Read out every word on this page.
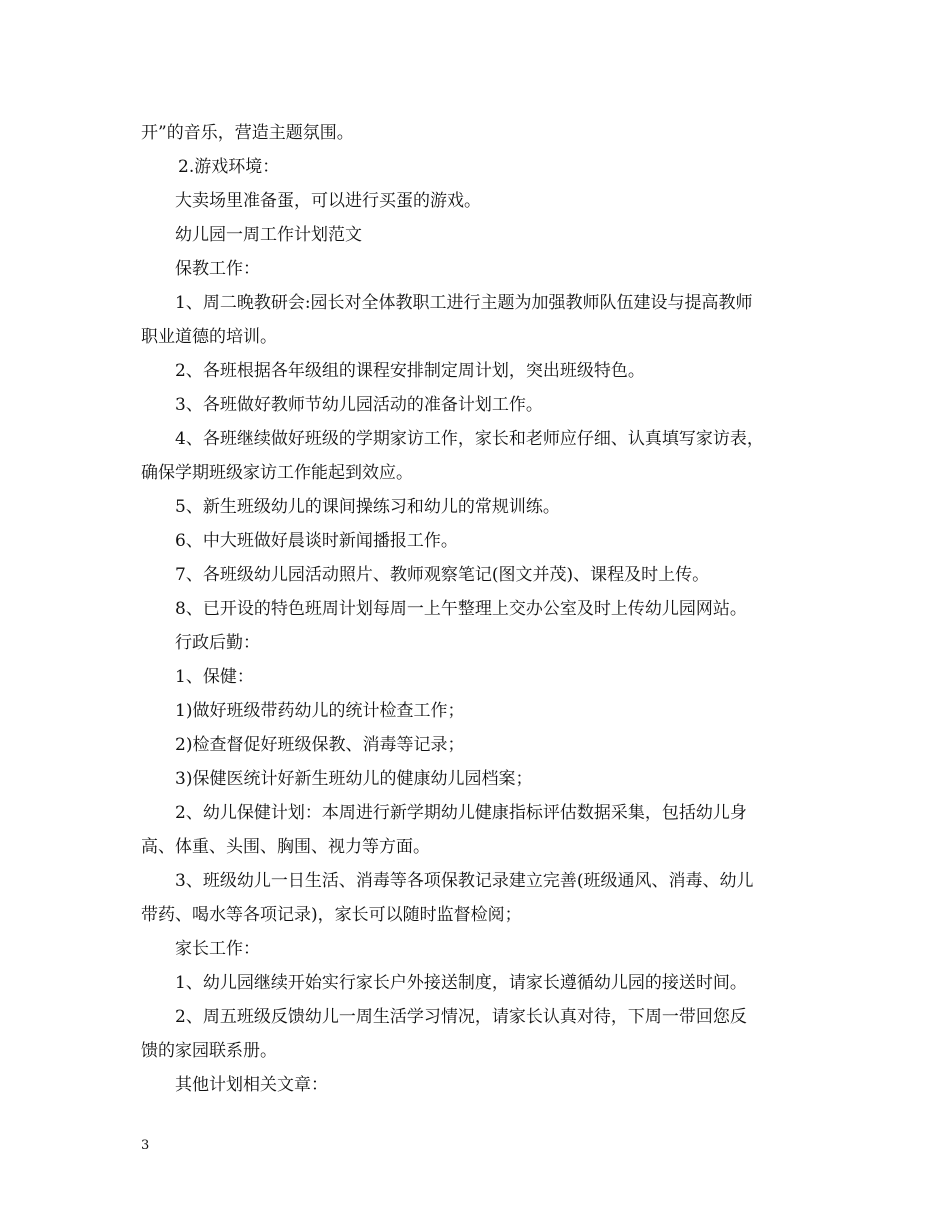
开”的音乐，营造主题氛围。
2.游戏环境：
大卖场里准备蛋，可以进行买蛋的游戏。
幼儿园一周工作计划范文
保教工作：
1、周二晚教研会:园长对全体教职工进行主题为加强教师队伍建设与提高教师
职业道德的培训。
2、各班根据各年级组的课程安排制定周计划，突出班级特色。
3、各班做好教师节幼儿园活动的准备计划工作。
4、各班继续做好班级的学期家访工作，家长和老师应仔细、认真填写家访表，
确保学期班级家访工作能起到效应。
5、新生班级幼儿的课间操练习和幼儿的常规训练。
6、中大班做好晨谈时新闻播报工作。
7、各班级幼儿园活动照片、教师观察笔记(图文并茂)、课程及时上传。
8、已开设的特色班周计划每周一上午整理上交办公室及时上传幼儿园网站。
行政后勤：
1、保健：
1)做好班级带药幼儿的统计检查工作；
2)检查督促好班级保教、消毒等记录；
3)保健医统计好新生班幼儿的健康幼儿园档案；
2、幼儿保健计划：本周进行新学期幼儿健康指标评估数据采集，包括幼儿身
高、体重、头围、胸围、视力等方面。
3、班级幼儿一日生活、消毒等各项保教记录建立完善(班级通风、消毒、幼儿
带药、喝水等各项记录)，家长可以随时监督检阅；
家长工作：
1、幼儿园继续开始实行家长户外接送制度，请家长遵循幼儿园的接送时间。
2、周五班级反馈幼儿一周生活学习情况，请家长认真对待，下周一带回您反
馈的家园联系册。
其他计划相关文章：
3
